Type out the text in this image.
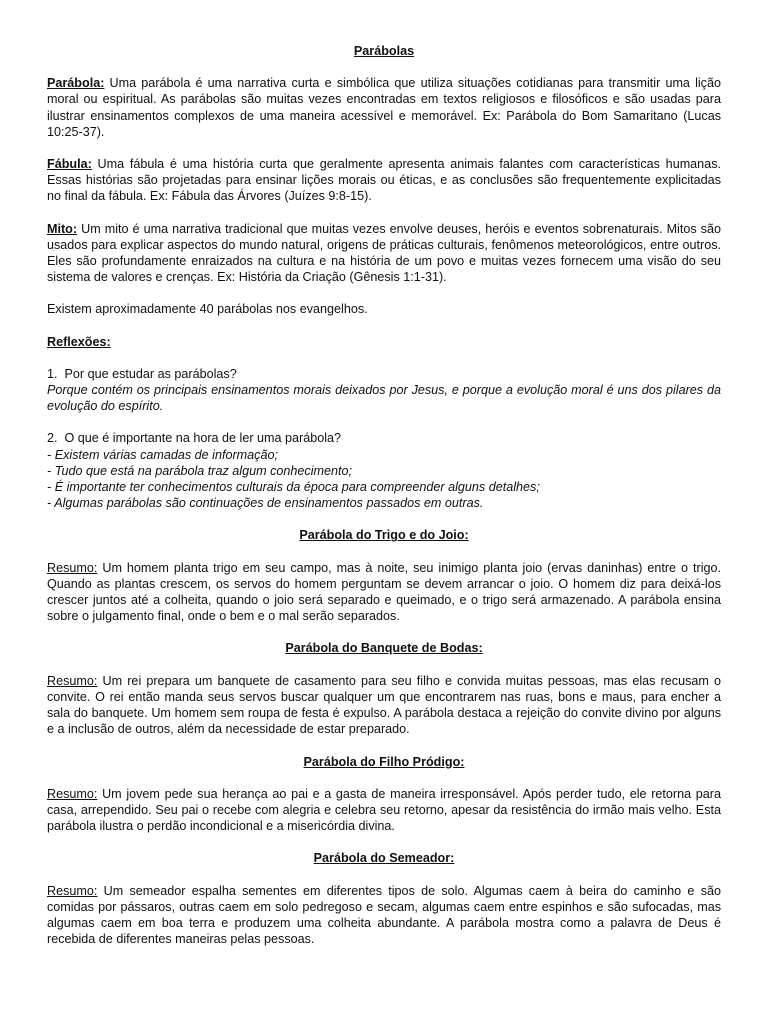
Parábolas

Parábola: Uma parábola é uma narrativa curta e simbólica que utiliza situações cotidianas para transmitir uma lição moral ou espiritual. As parábolas são muitas vezes encontradas em textos religiosos e filosóficos e são usadas para ilustrar ensinamentos complexos de uma maneira acessível e memorável. Ex: Parábola do Bom Samaritano (Lucas 10:25-37).

Fábula: Uma fábula é uma história curta que geralmente apresenta animais falantes com características humanas. Essas histórias são projetadas para ensinar lições morais ou éticas, e as conclusões são frequentemente explicitadas no final da fábula. Ex: Fábula das Árvores (Juízes 9:8-15).

Mito: Um mito é uma narrativa tradicional que muitas vezes envolve deuses, heróis e eventos sobrenaturais. Mitos são usados para explicar aspectos do mundo natural, origens de práticas culturais, fenômenos meteorológicos, entre outros. Eles são profundamente enraizados na cultura e na história de um povo e muitas vezes fornecem uma visão do seu sistema de valores e crenças. Ex: História da Criação (Gênesis 1:1-31).

Existem aproximadamente 40 parábolas nos evangelhos.

Reflexões:

1.  Por que estudar as parábolas?

Porque contém os principais ensinamentos morais deixados por Jesus, e porque a evolução moral é uns dos pilares da evolução do espírito.

2.  O que é importante na hora de ler uma parábola?

- Existem várias camadas de informação;
- Tudo que está na parábola traz algum conhecimento;
- É importante ter conhecimentos culturais da época para compreender alguns detalhes;
- Algumas parábolas são continuações de ensinamentos passados em outras.
Parábola do Trigo e do Joio:

Resumo: Um homem planta trigo em seu campo, mas à noite, seu inimigo planta joio (ervas daninhas) entre o trigo. Quando as plantas crescem, os servos do homem perguntam se devem arrancar o joio. O homem diz para deixá-los crescer juntos até a colheita, quando o joio será separado e queimado, e o trigo será armazenado. A parábola ensina sobre o julgamento final, onde o bem e o mal serão separados.

Parábola do Banquete de Bodas:

Resumo: Um rei prepara um banquete de casamento para seu filho e convida muitas pessoas, mas elas recusam o convite. O rei então manda seus servos buscar qualquer um que encontrarem nas ruas, bons e maus, para encher a sala do banquete. Um homem sem roupa de festa é expulso. A parábola destaca a rejeição do convite divino por alguns e a inclusão de outros, além da necessidade de estar preparado.

Parábola do Filho Pródigo:

Resumo: Um jovem pede sua herança ao pai e a gasta de maneira irresponsável. Após perder tudo, ele retorna para casa, arrependido. Seu pai o recebe com alegria e celebra seu retorno, apesar da resistência do irmão mais velho. Esta parábola ilustra o perdão incondicional e a misericórdia divina.

Parábola do Semeador:

Resumo: Um semeador espalha sementes em diferentes tipos de solo. Algumas caem à beira do caminho e são comidas por pássaros, outras caem em solo pedregoso e secam, algumas caem entre espinhos e são sufocadas, mas algumas caem em boa terra e produzem uma colheita abundante. A parábola mostra como a palavra de Deus é recebida de diferentes maneiras pelas pessoas.
